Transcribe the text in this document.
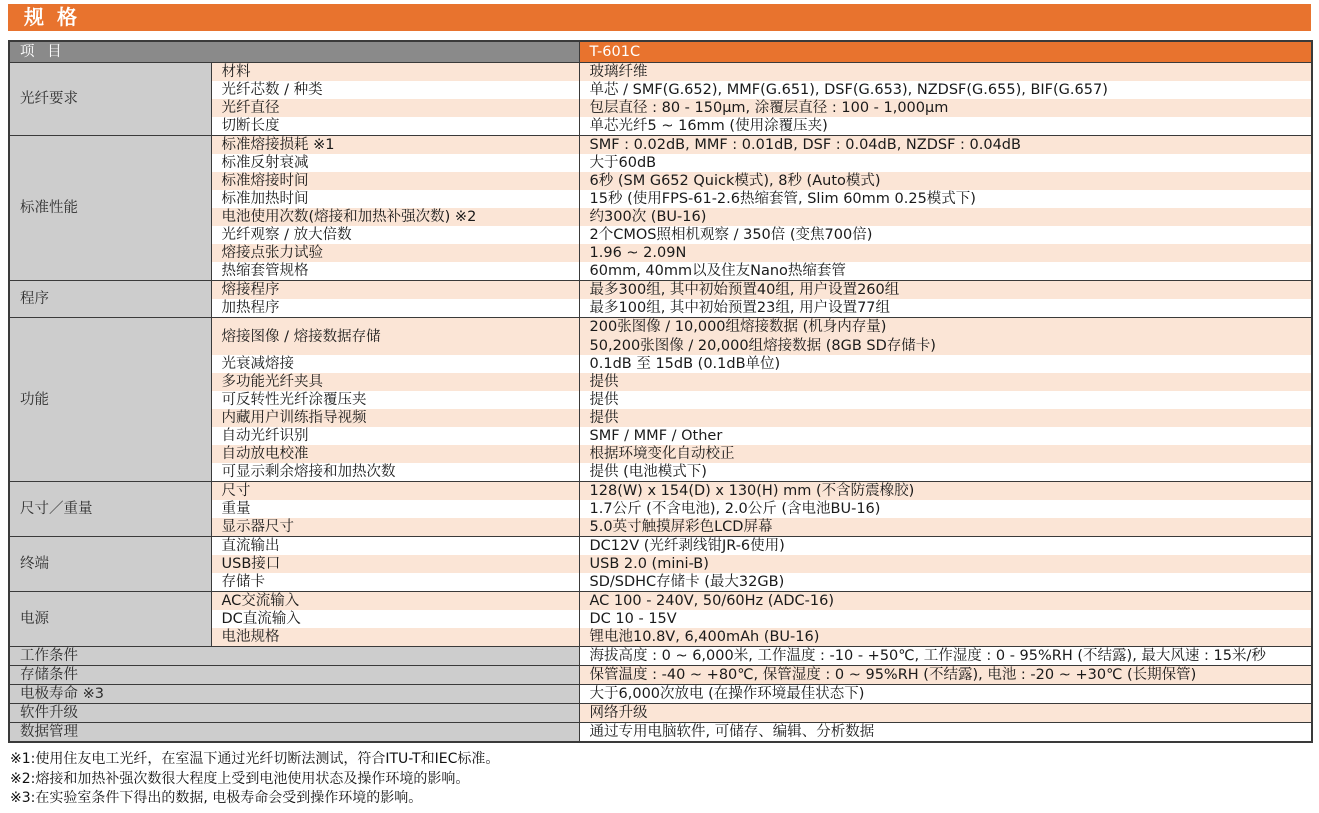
规 格
项 目		T-601C
光纤要求	材料	玻璃纤维
	光纤芯数 / 种类	单芯 / SMF(G.652), MMF(G.651), DSF(G.653), NZDSF(G.655), BIF(G.657)
	光纤直径	包层直径 : 80 - 150µm, 涂覆层直径 : 100 - 1,000µm
	切断长度	单芯光纤5 ~ 16mm (使用涂覆压夹)
标准性能	标准熔接损耗 ※1	SMF : 0.02dB, MMF : 0.01dB, DSF : 0.04dB, NZDSF : 0.04dB
	标准反射衰减	大于60dB
	标准熔接时间	6秒 (SM G652 Quick模式), 8秒 (Auto模式)
	标准加热时间	15秒 (使用FPS-61-2.6热缩套管, Slim 60mm 0.25模式下)
	电池使用次数(熔接和加热补强次数) ※2	约300次 (BU-16)
	光纤观察 / 放大倍数	2个CMOS照相机观察 / 350倍 (变焦700倍)
	熔接点张力试验	1.96 ~ 2.09N
	热缩套管规格	60mm, 40mm以及住友Nano热缩套管
程序	熔接程序	最多300组, 其中初始预置40组, 用户设置260组
	加热程序	最多100组, 其中初始预置23组, 用户设置77组
功能	熔接图像 / 熔接数据存储	200张图像 / 10,000组熔接数据 (机身内存量)
50,200张图像 / 20,000组熔接数据 (8GB SD存储卡)
	光衰减熔接	0.1dB 至 15dB (0.1dB单位)
	多功能光纤夹具	提供
	可反转性光纤涂覆压夹	提供
	内藏用户训练指导视频	提供
	自动光纤识别	SMF / MMF / Other
	自动放电校准	根据环境变化自动校正
	可显示剩余熔接和加热次数	提供 (电池模式下)
尺寸／重量	尺寸	128(W) x 154(D) x 130(H) mm (不含防震橡胶)
	重量	1.7公斤 (不含电池), 2.0公斤 (含电池BU-16)
	显示器尺寸	5.0英寸触摸屏彩色LCD屏幕
终端	直流输出	DC12V (光纤剥线钳JR-6使用)
	USB接口	USB 2.0 (mini-B)
	存储卡	SD/SDHC存储卡 (最大32GB)
电源	AC交流输入	AC 100 - 240V, 50/60Hz (ADC-16)
	DC直流输入	DC 10 - 15V
	电池规格	锂电池10.8V, 6,400mAh (BU-16)
工作条件		海拔高度 : 0 ~ 6,000米, 工作温度 : -10 - +50℃, 工作湿度 : 0 - 95%RH (不结露), 最大风速 : 15米/秒
存储条件		保管温度 : -40 ~ +80℃, 保管湿度 : 0 ~ 95%RH (不结露), 电池 : -20 ~ +30℃ (长期保管)
电极寿命 ※3		大于6,000次放电 (在操作环境最佳状态下)
软件升级		网络升级
数据管理		通过专用电脑软件, 可储存、编辑、分析数据
※1:使用住友电工光纤，在室温下通过光纤切断法测试，符合ITU-T和IEC标准。
※2:熔接和加热补强次数很大程度上受到电池使用状态及操作环境的影响。
※3:在实验室条件下得出的数据, 电极寿命会受到操作环境的影响。
